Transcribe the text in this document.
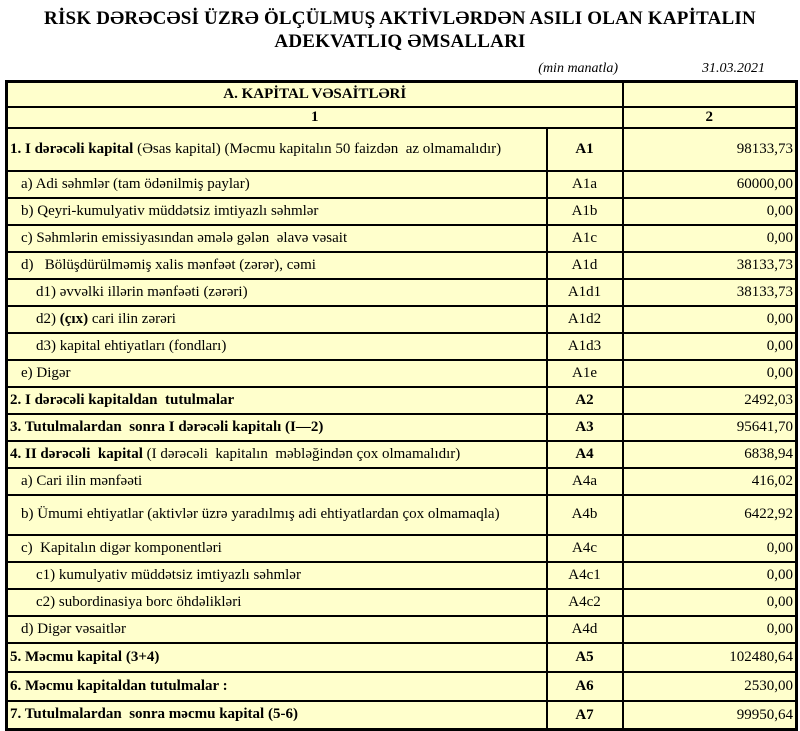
RİSK DƏRƏCƏSİ ÜZRƏ ÖLÇÜLMUŞ AKTİVLƏRDƏN ASILI OLAN KAPİTALIN
ADEKVATLIQ ƏMSALLARI
(min manatla)	31.03.2021
A. KAPİTAL VƏSAİTLƏRİ		
1		2
1. I dərəcəli kapital (Əsas kapital) (Məcmu kapitalın 50 faizdən  az olmamalıdır)	A1	98133,73
a) Adi səhmlər (tam ödənilmiş paylar)	A1a	60000,00
b) Qeyri-kumulyativ müddətsiz imtiyazlı səhmlər	A1b	0,00
c) Səhmlərin emissiyasından əmələ gələn  əlavə vəsait	A1c	0,00
d)   Bölüşdürülməmiş xalis mənfəət (zərər), cəmi	A1d	38133,73
d1) əvvəlki illərin mənfəəti (zərəri)	A1d1	38133,73
d2) (çıx) cari ilin zərəri	A1d2	0,00
d3) kapital ehtiyatları (fondları)	A1d3	0,00
e) Digər	A1e	0,00
2. I dərəcəli kapitaldan  tutulmalar	A2	2492,03
3. Tutulmalardan  sonra I dərəcəli kapitalı (I—2)	A3	95641,70
4. II dərəcəli  kapital (I dərəcəli  kapitalın  məbləğindən çox olmamalıdır)	A4	6838,94
a) Cari ilin mənfəəti	A4a	416,02
b) Ümumi ehtiyatlar (aktivlər üzrə yaradılmış adi ehtiyatlardan çox olmamaqla)	A4b	6422,92
c)  Kapitalın digər komponentləri	A4c	0,00
c1) kumulyativ müddətsiz imtiyazlı səhmlər	A4c1	0,00
c2) subordinasiya borc öhdəlikləri	A4c2	0,00
d) Digər vəsaitlər	A4d	0,00
5. Məcmu kapital (3+4)	A5	102480,64
6. Məcmu kapitaldan tutulmalar :	A6	2530,00
7. Tutulmalardan  sonra məcmu kapital (5-6)	A7	99950,64
